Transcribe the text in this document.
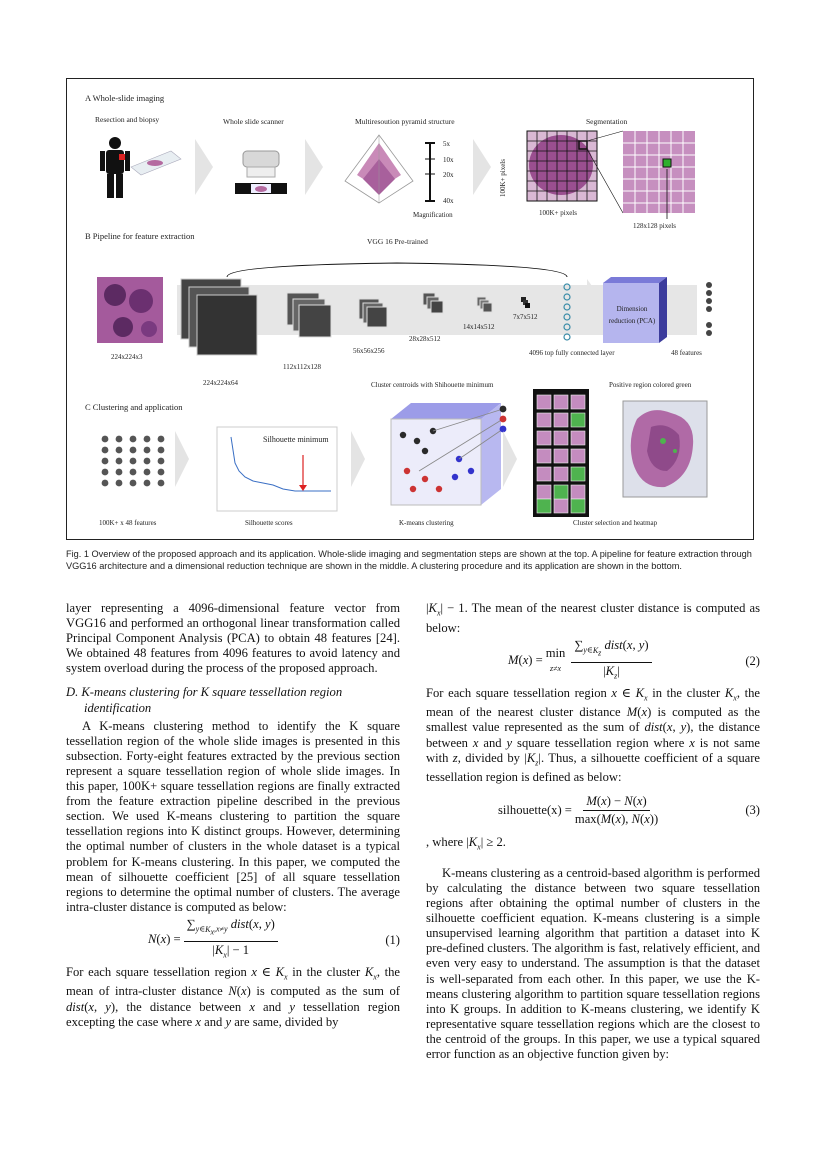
A Whole-slide imaging
Resection and biopsy	Whole slide scanner	Multiresoution pyramid structure	Segmentation
5x
10x
20x
40x
Magnification
100K+ pixels
100K+ pixels
128x128 pixels
B Pipeline for feature extraction
VGG 16 Pre-trained
224x224x3
224x224x64
112x112x128
56x56x256
28x28x512
14x14x512
7x7x512
4096 top fully connected layer
Dimension reduction (PCA)
48 features
C Clustering and application
Cluster centroids with Shihouette minimum	Positive region colored green
Silhouette minimum
100K+ x 48 features	Silhouette scores	K-means clustering	Cluster selection and heatmap
Fig. 1 Overview of the proposed approach and its application. Whole-slide imaging and segmentation steps are shown at the top. A pipeline for feature extraction through VGG16 architecture and a dimensional reduction technique are shown in the middle. A clustering procedure and its application are shown in the bottom.

layer representing a 4096-dimensional feature vector from VGG16 and performed an orthogonal linear transformation called Principal Component Analysis (PCA) to obtain 48 features [24]. We obtained 48 features from 4096 features to avoid latency and system overload during the process of the proposed approach.

D. K-means clustering for K square tessellation region
identification

A K-means clustering method to identify the K square tessellation region of the whole slide images is presented in this subsection. Forty-eight features extracted by the previous section represent a square tessellation region of whole slide images. In this paper, 100K+ square tessellation regions are finally extracted from the feature extraction pipeline described in the previous section. We used K-means clustering to partition the square tessellation regions into K distinct groups. However, determining the optimal number of clusters in the whole dataset is a typical problem for K-means clustering. In this paper, we computed the mean of silhouette coefficient [25] of all square tessellation regions to determine the optimal number of clusters. The average intra-cluster distance is computed as below:

N ( x ) = $\frac{\sum_{y\in K_x,x\ne y} dist(x, y)}{|K_x| - 1}$	(1)

For each square tessellation region x ∈ $K_x$ in the cluster $K_x$, the mean of intra-cluster distance N(x) is computed as the sum of dist(x, y), the distance between x and y tessellation region excepting the case where x and y are same, divided by

$|K_x| - 1$. The mean of the nearest cluster distance is computed as below:

M ( x ) =
min
$z\ne x \frac{\sum_{y\in K_z} dist(x, y)}{|K_z|}$	(2)

For each square tessellation region x ∈ $K_x$ in the cluster $K_x$, the mean of the nearest cluster distance M(x) is computed as the smallest value represented as the sum of dist(x, y), the distance between x and y square tessellation region where x is not same with z, divided by $|K_z|$. Thus, a silhouette coefficient of a square tessellation region is defined as below:

silhouette(x) = $\frac{M(x) - N(x)}{\max(M(x), N(x))}$	(3)

, where $|K_x| \ge 2$.

K-means clustering as a centroid-based algorithm is performed by calculating the distance between two square tessellation regions after obtaining the optimal number of clusters in the silhouette coefficient equation. K-means clustering is a simple unsupervised learning algorithm that partition a dataset into K pre-defined clusters. The algorithm is fast, relatively efficient, and even very easy to understand. The assumption is that the dataset is well-separated from each other. In this paper, we use the K-means clustering algorithm to partition square tessellation regions into K groups. In addition to K-means clustering, we identify K representative square tessellation regions which are the closest to the centroid of the groups. In this paper, we use a typical squared error function as an objective function given by:
